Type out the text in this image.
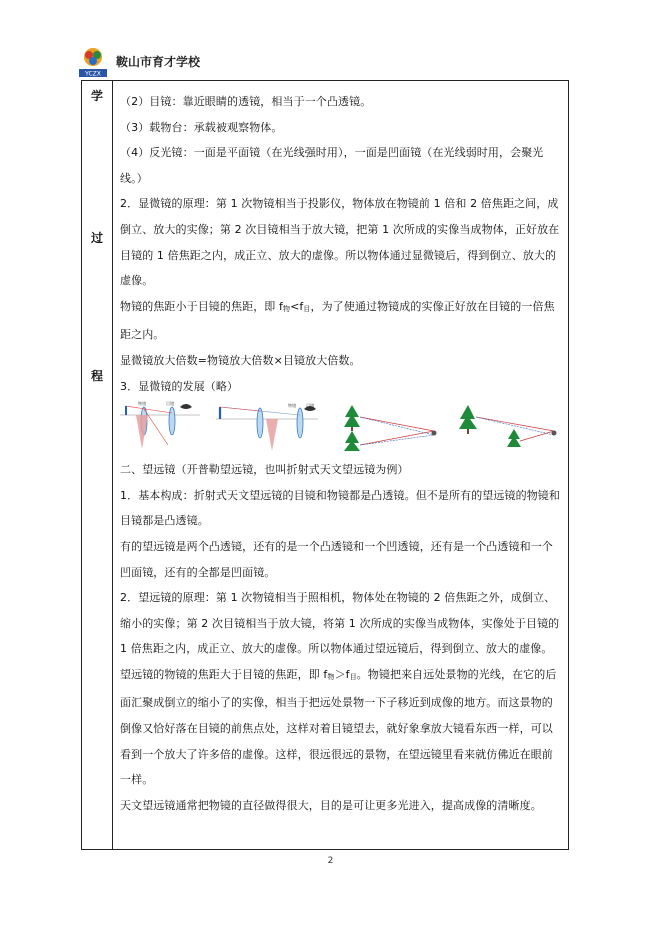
YCZX
鞍山市育才学校
学
过
程

（2）目镜：靠近眼睛的透镜，相当于一个凸透镜。

（3）载物台：承载被观察物体。

（4）反光镜：一面是平面镜（在光线强时用），一面是凹面镜（在光线弱时用，会聚光线。）

2．显微镜的原理：第 1 次物镜相当于投影仪，物体放在物镜前 1 倍和 2 倍焦距之间，成倒立、放大的实像；第 2 次目镜相当于放大镜，把第 1 次所成的实像当成物体，正好放在目镜的 1 倍焦距之内，成正立、放大的虚像。所以物体通过显微镜后，得到倒立、放大的虚像。

物镜的焦距小于目镜的焦距，即 f物<f目，为了使通过物镜成的实像正好放在目镜的一倍焦距之内。

显微镜放大倍数=物镜放大倍数×目镜放大倍数。

3．显微镜的发展（略）

物镜	目镜	物镜 目镜

二、望远镜（开普勒望远镜，也叫折射式天文望远镜为例）

1．基本构成：折射式天文望远镜的目镜和物镜都是凸透镜。但不是所有的望远镜的物镜和目镜都是凸透镜。

有的望远镜是两个凸透镜，还有的是一个凸透镜和一个凹透镜，还有是一个凸透镜和一个凹面镜，还有的全都是凹面镜。

2．望远镜的原理：第 1 次物镜相当于照相机，物体处在物镜的 2 倍焦距之外，成倒立、缩小的实像；第 2 次目镜相当于放大镜，将第 1 次所成的实像当成物体，实像处于目镜的 1 倍焦距之内，成正立、放大的虚像。所以物体通过望远镜后，得到倒立、放大的虚像。

望远镜的物镜的焦距大于目镜的焦距，即 f物＞f目。物镜把来自远处景物的光线，在它的后面汇聚成倒立的缩小了的实像，相当于把远处景物一下子移近到成像的地方。而这景物的倒像又恰好落在目镜的前焦点处，这样对着目镜望去，就好象拿放大镜看东西一样，可以看到一个放大了许多倍的虚像。这样，很远很远的景物，在望远镜里看来就仿佛近在眼前一样。

天文望远镜通常把物镜的直径做得很大，目的是可让更多光进入，提高成像的清晰度。

2
